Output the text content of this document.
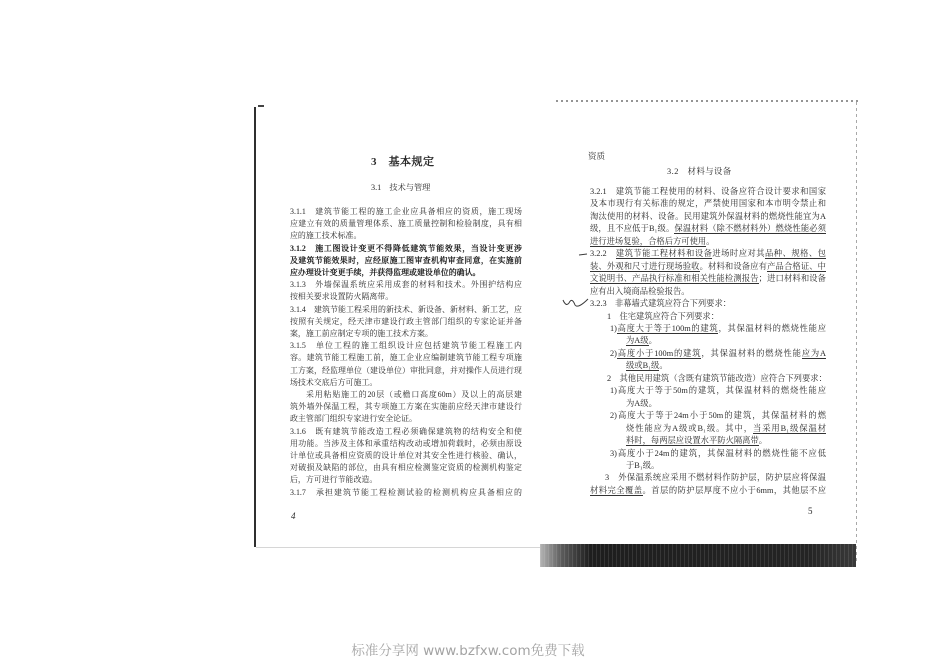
3　基本规定
3.1　技术与管理
3.1.1　建筑节能工程的施工企业应具备相应的资质，施工现场
应建立有效的质量管理体系、施工质量控制和检验制度，具有相
应的施工技术标准。
3.1.2　施工图设计变更不得降低建筑节能效果，当设计变更涉
及建筑节能效果时，应经原施工图审查机构审查同意，在实施前
应办理设计变更手续，并获得监理或建设单位的确认。
3.1.3　外墙保温系统应采用成套的材料和技术。外围护结构应
按相关要求设置防火隔离带。
3.1.4　建筑节能工程采用的新技术、新设备、新材料、新工艺，应
按照有关规定，经天津市建设行政主管部门组织的专家论证并备
案，施工前应制定专项的施工技术方案。
3.1.5　单位工程的施工组织设计应包括建筑节能工程施工内
容。建筑节能工程施工前，施工企业应编制建筑节能工程专项施
工方案，经监理单位（建设单位）审批同意，并对操作人员进行现
场技术交底后方可施工。
采用粘贴施工的20层（或檐口高度60m）及以上的高层建
筑外墙外保温工程，其专项施工方案在实施前应经天津市建设行
政主管部门组织专家进行安全论证。
3.1.6　既有建筑节能改造工程必须确保建筑物的结构安全和使
用功能。当涉及主体和承重结构改动或增加荷载时，必须由原设
计单位或具备相应资质的设计单位对其安全性进行核验、确认，
对破损及缺陷的部位，由具有相应检测鉴定资质的检测机构鉴定
后，方可进行节能改造。
3.1.7　承担建筑节能工程检测试验的检测机构应具备相应的
4
资质
3.2　材料与设备
3.2.1　建筑节能工程使用的材料、设备应符合设计要求和国家
及本市现行有关标准的规定，严禁使用国家和本市明令禁止和
淘汰使用的材料、设备。民用建筑外保温材料的燃烧性能宜为A
级，且不应低于B₁级。保温材料（除不燃材料外）燃烧性能必须
进行进场复验，合格后方可使用。
3.2.2　建筑节能工程材料和设备进场时应对其品种、规格、包
装、外观和尺寸进行现场验收。材料和设备应有产品合格证、中
文说明书、产品执行标准和相关性能检测报告；进口材料和设备
应有出入境商品检验报告。
3.2.3　非幕墙式建筑应符合下列要求：
1　住宅建筑应符合下列要求：
1)高度大于等于100m的建筑，其保温材料的燃烧性能应
为A级。
2)高度小于100m的建筑，其保温材料的燃烧性能应为A
级或B₁级。
2　其他民用建筑（含既有建筑节能改造）应符合下列要求：
1)高度大于等于50m的建筑，其保温材料的燃烧性能应
为A级。
2)高度大于等于24m小于50m的建筑，其保温材料的燃
烧性能应为A级或B₁级。其中，当采用B₁级保温材
料时，每两层应设置水平防火隔离带。
3)高度小于24m的建筑，其保温材料的燃烧性能不应低
于B₁级。
3　外保温系统应采用不燃材料作防护层，防护层应将保温
材料完全覆盖。首层的防护层厚度不应小于6mm，其他层不应
5
标准分享网 www.bzfxw.com免费下载
